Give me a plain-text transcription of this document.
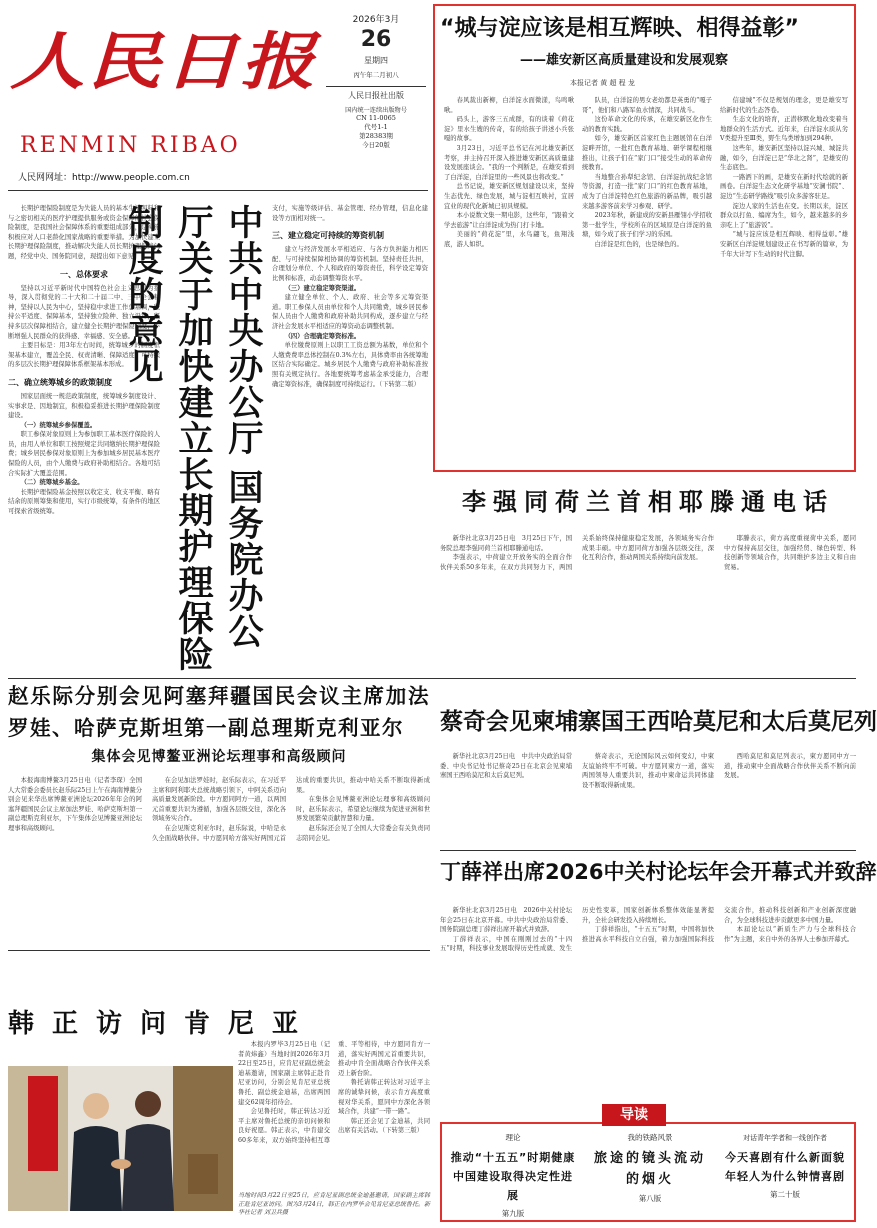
人民日报
RENMIN RIBAO
人民网网址：http://www.people.com.cn
2026年3月
26
星期四
丙午年二月初八
人民日报社出版
国内统一连续出版物号
CN 11-0065
代号1-1
第28383期
今日20版
“城与淀应该是相互辉映、相得益彰”
——雄安新区高质量建设和发展观察
本报记者 黄 超 程 龙

春风裁出新柳，白洋淀水面微漾，鸟鸣啾啾。

码头上，游客三五成群，有的谈着《荷花淀》里水生嫂的传奇，有的给孩子讲述小兵张嘎的故事。

3月23日，习近平总书记在河北雄安新区考察，并主持召开深入推进雄安新区高质量建设发展座谈会。“我的一个判断是，在雄安看到了白洋淀，白洋淀里的一些风景也将改变。”

总书记说，雄安新区规划建设以来，坚持生态优先、绿色发展，城与淀相互映衬，宜居宜业的现代化新城已初具规模。

本小说数文集一期电影，这些年，“跟着文学去旅游”让白洋淀成为热门打卡地。

美丽的“荷花淀”里，水鸟翩飞，鱼翔浅底，游人如织。

队员，白洋淀的男女老幼都是英勇的“嘎子哥”，他们和八路军鱼水情深，共同战斗。

这份革命文化的传承，在雄安新区化作生动的教育实践。

如今，雄安新区首家红色主题展馆在白洋淀畔开馆，一批红色教育基地、研学课程相继推出，让孩子们在“家门口”接受生动的革命传统教育。

当地整合孙犁纪念馆、白洋淀抗战纪念馆等资源，打造一批“家门口”的红色教育基地，成为了白洋淀特色红色旅游的新品牌，吸引越来越多游客前来学习参观、研学。

2023年秋，新建成的安新县雁翎小学招收第一批学生，学校所在的区域原是白洋淀的鱼塘，如今成了孩子们学习的乐园。

白洋淀是红色的，也是绿色的。

信建城”不仅是规划的理念，更是雄安写给新时代的生态答卷。

生态文化的培育，正潜移默化地改变着当地群众的生活方式。近年来，白洋淀水质从劣Ⅴ类提升至Ⅲ类，野生鸟类增加到294种。

这些年，雄安新区坚持以淀兴城、城淀共融，如今，白洋淀已是“华北之肾”，是雄安的生态底色。

一路洒下的画，是雄安在新时代绘就的新画卷。白洋淀生态文化研学基地“安澜书院”、淀边“生态研学路线”吸引众多游客驻足。

淀边人家的生活也在变。长期以来，淀区群众以打鱼、编席为生，如今，越来越多的乡亲吃上了“旅游饭”。

“城与淀应该是相互辉映、相得益彰。”雄安新区白洋淀规划建设正在书写新的篇章，为千年大计写下生动的时代注脚。

长期护理保险制度是为失能人员的基本生活照料和与之密切相关的医疗护理提供服务或资金保障的社会保险制度，是我国社会保障体系的重要组成部分，是实施积极应对人口老龄化国家战略的重要举措。为加快建立长期护理保险制度，推动解决失能人员长期护理保障问题，经党中央、国务院同意，现提出如下意见。

一、总体要求

坚持以习近平新时代中国特色社会主义思想为指导，深入贯彻党的二十大和二十届二中、三中全会精神，坚持以人民为中心，坚持稳中求进工作总基调，坚持公平适度、保障基本，坚持独立险种、独立设计，坚持多层次保障相结合，建立健全长期护理保险制度，不断增强人民群众的获得感、幸福感、安全感。

主要目标是：用3年左右时间，统筹城乡的制度框架基本建立，覆盖全民、权责清晰、保障适度、可持续的多层次长期护理保障体系框架基本形成。

二、确立统筹城乡的政策制度

国家层面统一规范政策制度，统筹城乡制度设计、实事求是、因地制宜，积极稳妥推进长期护理保险制度建设。

（一）统筹城乡参保覆盖。

职工参保对象原则上为参加职工基本医疗保险的人员，由用人单位和职工按照规定共同缴纳长期护理保险费；城乡居民参保对象原则上为参加城乡居民基本医疗保险的人员，由个人缴费与政府补助相结合。各地可结合实际扩大覆盖范围。

（二）统筹城乡基金。

长期护理保险基金按照以收定支、收支平衡、略有结余的原则筹集和使用，实行市级统筹，有条件的地区可探索省级统筹。	中共中央办公厅 国务院办公厅关于加快建立长期护理保险制度的意见	支付，实施等级评估、基金管理、经办管理，信息化建设等方面相对统一。

三、建立稳定可持续的筹资机制

建立与经济发展水平相适应、与各方负担能力相匹配、与可持续保障相协调的筹资机制。坚持责任共担，合理划分单位、个人和政府的筹资责任，科学设定筹资比例和标准，动态调整筹资水平。

（三）建立稳定筹资渠道。

建立健全单位、个人、政府、社会等多元筹资渠道。职工参保人员由单位和个人共同缴费，城乡居民参保人员由个人缴费和政府补助共同构成，逐步建立与经济社会发展水平相适应的筹资动态调整机制。

（四）合理确定筹资标准。

单位缴费原则上以职工工资总额为基数，单位和个人缴费费率总体控制在0.3%左右，具体费率由各统筹地区结合实际确定。城乡居民个人缴费与政府补助标准按照有关规定执行。各地要统筹考虑基金承受能力，合理确定筹资标准，确保制度可持续运行。（下转第二版）

李强同荷兰首相耶滕通电话

新华社北京3月25日电　3月25日下午，国务院总理李强同荷兰首相耶滕通电话。

李强表示，中荷建立开放务实的全面合作伙伴关系50多年来，在双方共同努力下，两国关系始终保持健康稳定发展，各领域务实合作成果丰硕。中方愿同荷方加强各层级交往，深化互利合作，推动两国关系持续向前发展。

耶滕表示，荷方高度重视荷中关系，愿同中方保持高层交往，加强经贸、绿色转型、科技创新等领域合作，共同维护多边主义和自由贸易。

赵乐际分别会见阿塞拜疆国民会议主席加法罗娃、哈萨克斯坦第一副总理斯克利亚尔
集体会见博鳌亚洲论坛理事和高级顾问

本报海南博鳌3月25日电（记者李琛）全国人大常委会委员长赵乐际25日上午在海南博鳌分别会见来华出席博鳌亚洲论坛2026年年会的阿塞拜疆国民会议主席加法罗娃、哈萨克斯坦第一副总理斯克利亚尔，下午集体会见博鳌亚洲论坛理事和高级顾问。

在会见加法罗娃时，赵乐际表示，在习近平主席和阿利耶夫总统战略引领下，中阿关系迈向高质量发展新阶段。中方愿同阿方一道，以两国元首重要共识为遵循，加强各层级交往，深化各领域务实合作。

在会见斯克利亚尔时，赵乐际说，中哈是永久全面战略伙伴。中方愿同哈方落实好两国元首达成的重要共识，推动中哈关系不断取得新成果。

在集体会见博鳌亚洲论坛理事和高级顾问时，赵乐际表示，希望论坛继续为促进亚洲和世界发展繁荣贡献智慧和力量。

赵乐际还会见了全国人大常委会有关负责同志陪同会见。

蔡奇会见柬埔寨国王西哈莫尼和太后莫尼列

新华社北京3月25日电　中共中央政治局常委、中央书记处书记蔡奇25日在北京会见柬埔寨国王西哈莫尼和太后莫尼列。

蔡奇表示，无论国际风云如何变幻，中柬友谊始终牢不可破。中方愿同柬方一道，落实两国领导人重要共识，推动中柬命运共同体建设不断取得新成果。

西哈莫尼和莫尼列表示，柬方愿同中方一道，推动柬中全面战略合作伙伴关系不断向前发展。

丁薛祥出席2026中关村论坛年会开幕式并致辞

新华社北京3月25日电　2026中关村论坛年会25日在北京开幕。中共中央政治局常委、国务院副总理丁薛祥出席开幕式并致辞。

丁薛祥表示，中国在刚刚过去的“十四五”时期，科技事业发展取得历史性成就、发生历史性变革，国家创新体系整体效能显著提升，全社会研发投入持续增长。

丁薛祥指出，“十五五”时期，中国将加快推进高水平科技自立自强，着力加强国际科技交流合作，推动科技创新和产业创新深度融合，为全球科技进步贡献更多中国力量。

本届论坛以“新质生产力与全球科技合作”为主题，来自中外的各界人士参加开幕式。

韩正访问肯尼亚

本报内罗毕3月25日电（记者黄炜鑫）当地时间2026年3月22日至25日，应肯尼亚副总统金迪基邀请，国家副主席韩正赴肯尼亚访问，分别会见肯尼亚总统鲁托、副总统金迪基，出席两国建交62周年招待会。

会见鲁托时，韩正转达习近平主席对鲁托总统的亲切问候和良好祝愿。韩正表示，中肯建交60多年来，双方始终坚持相互尊重、平等相待，中方愿同肯方一道，落实好两国元首重要共识，推动中肯全面战略合作伙伴关系迈上新台阶。

鲁托请韩正转达对习近平主席的诚挚问候，表示肯方高度重视对华关系，愿同中方深化各领域合作，共建“一带一路”。

韩正还会见了金迪基，共同出席有关活动。（下转第三版）

当地时间3月22日至25日，应肯尼亚副总统金迪基邀请，国家副主席韩正赴肯尼亚访问。图为3月24日，韩正在内罗毕会见肯尼亚总统鲁托。新华社记者 刘卫兵摄
导读
理论
推动“十五五”时期健康中国建设取得决定性进展
第九版
我的铁路风景
旅途的镜头流动的烟火
第八版
对话青年学者和一线创作者
今天喜剧有什么新面貌年轻人为什么钟情喜剧
第二十版
